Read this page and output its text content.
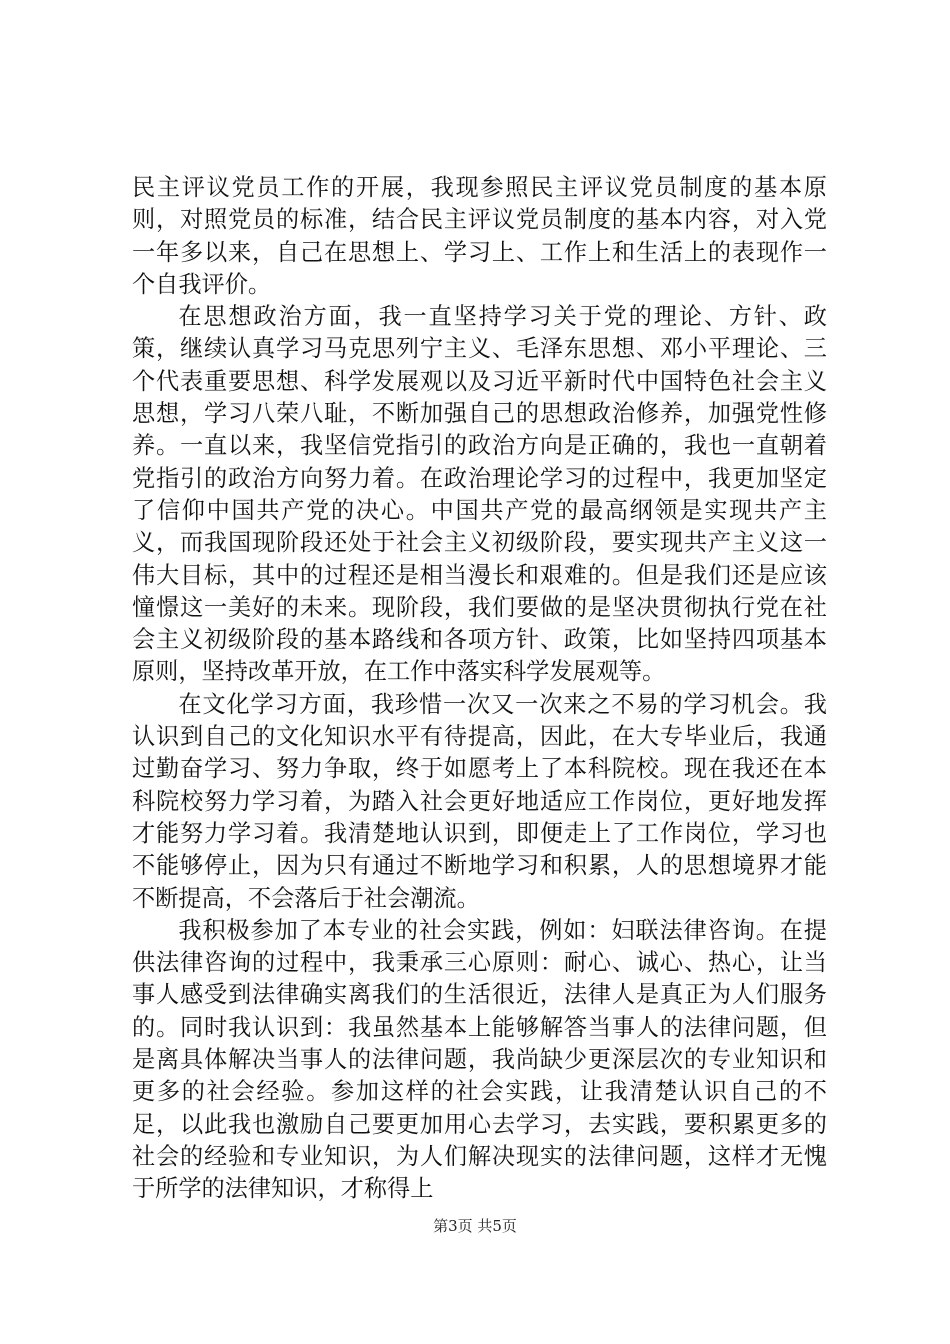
民主评议党员工作的开展，我现参照民主评议党员制度的基本原则，对照党员的标准，结合民主评议党员制度的基本内容，对入党一年多以来，自己在思想上、学习上、工作上和生活上的表现作一个自我评价。

在思想政治方面，我一直坚持学习关于党的理论、方针、政策，继续认真学习马克思列宁主义、毛泽东思想、邓小平理论、三个代表重要思想、科学发展观以及习近平新时代中国特色社会主义思想，学习八荣八耻，不断加强自己的思想政治修养，加强党性修养。一直以来，我坚信党指引的政治方向是正确的，我也一直朝着党指引的政治方向努力着。在政治理论学习的过程中，我更加坚定了信仰中国共产党的决心。中国共产党的最高纲领是实现共产主义，而我国现阶段还处于社会主义初级阶段，要实现共产主义这一伟大目标，其中的过程还是相当漫长和艰难的。但是我们还是应该憧憬这一美好的未来。现阶段，我们要做的是坚决贯彻执行党在社会主义初级阶段的基本路线和各项方针、政策，比如坚持四项基本原则，坚持改革开放，在工作中落实科学发展观等。

在文化学习方面，我珍惜一次又一次来之不易的学习机会。我认识到自己的文化知识水平有待提高，因此，在大专毕业后，我通过勤奋学习、努力争取，终于如愿考上了本科院校。现在我还在本科院校努力学习着，为踏入社会更好地适应工作岗位，更好地发挥才能努力学习着。我清楚地认识到，即便走上了工作岗位，学习也不能够停止，因为只有通过不断地学习和积累，人的思想境界才能不断提高，不会落后于社会潮流。

我积极参加了本专业的社会实践，例如：妇联法律咨询。在提供法律咨询的过程中，我秉承三心原则：耐心、诚心、热心，让当事人感受到法律确实离我们的生活很近，法律人是真正为人们服务的。同时我认识到：我虽然基本上能够解答当事人的法律问题，但是离具体解决当事人的法律问题，我尚缺少更深层次的专业知识和更多的社会经验。参加这样的社会实践，让我清楚认识自己的不足，以此我也激励自己要更加用心去学习，去实践，要积累更多的社会的经验和专业知识，为人们解决现实的法律问题，这样才无愧于所学的法律知识，才称得上

第3页 共5页
